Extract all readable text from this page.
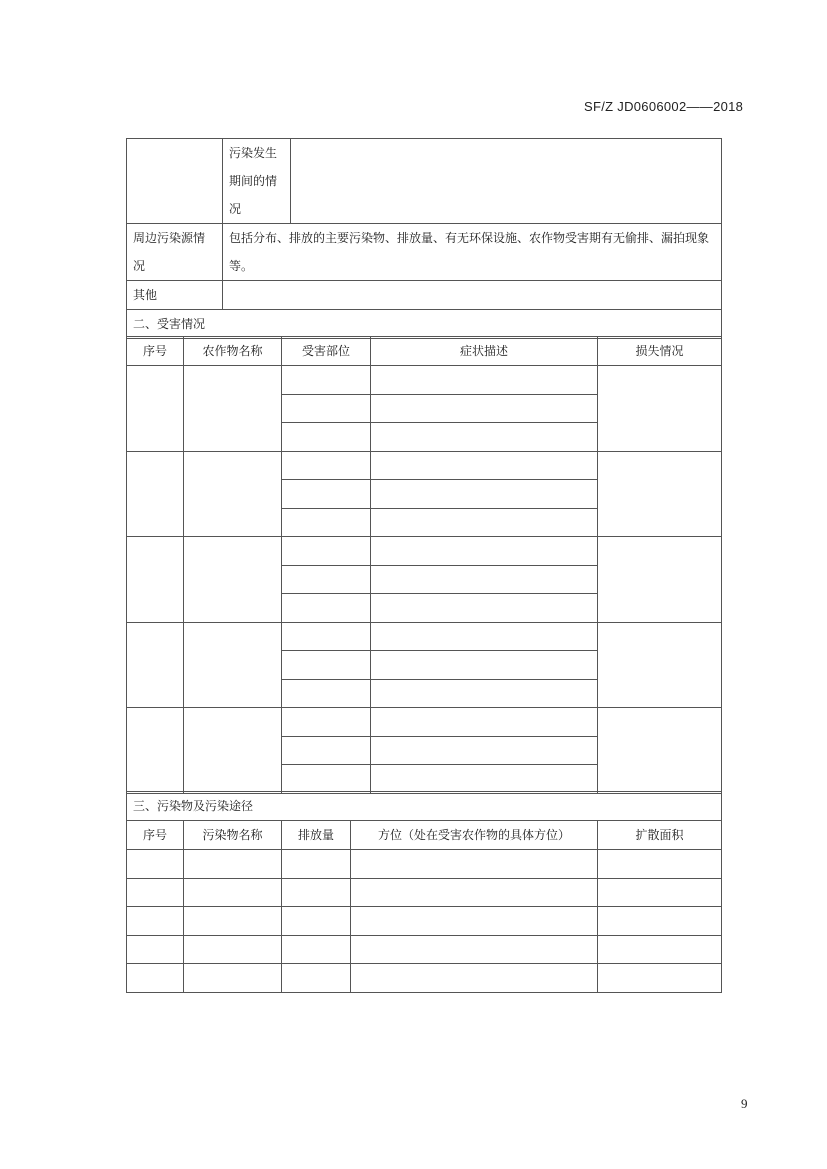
SF/Z JD0606002——2018
	污染发生期间的情况	
周边污染源情况	包括分布、排放的主要污染物、排放量、有无环保设施、农作物受害期有无偷排、漏拍现象等。	
其他		
二、受害情况		
序号	农作物名称	受害部位	症状描述	损失情况

三、污染物及污染途径				
序号	污染物名称	排放量	方位（处在受害农作物的具体方位）	扩散面积

9
